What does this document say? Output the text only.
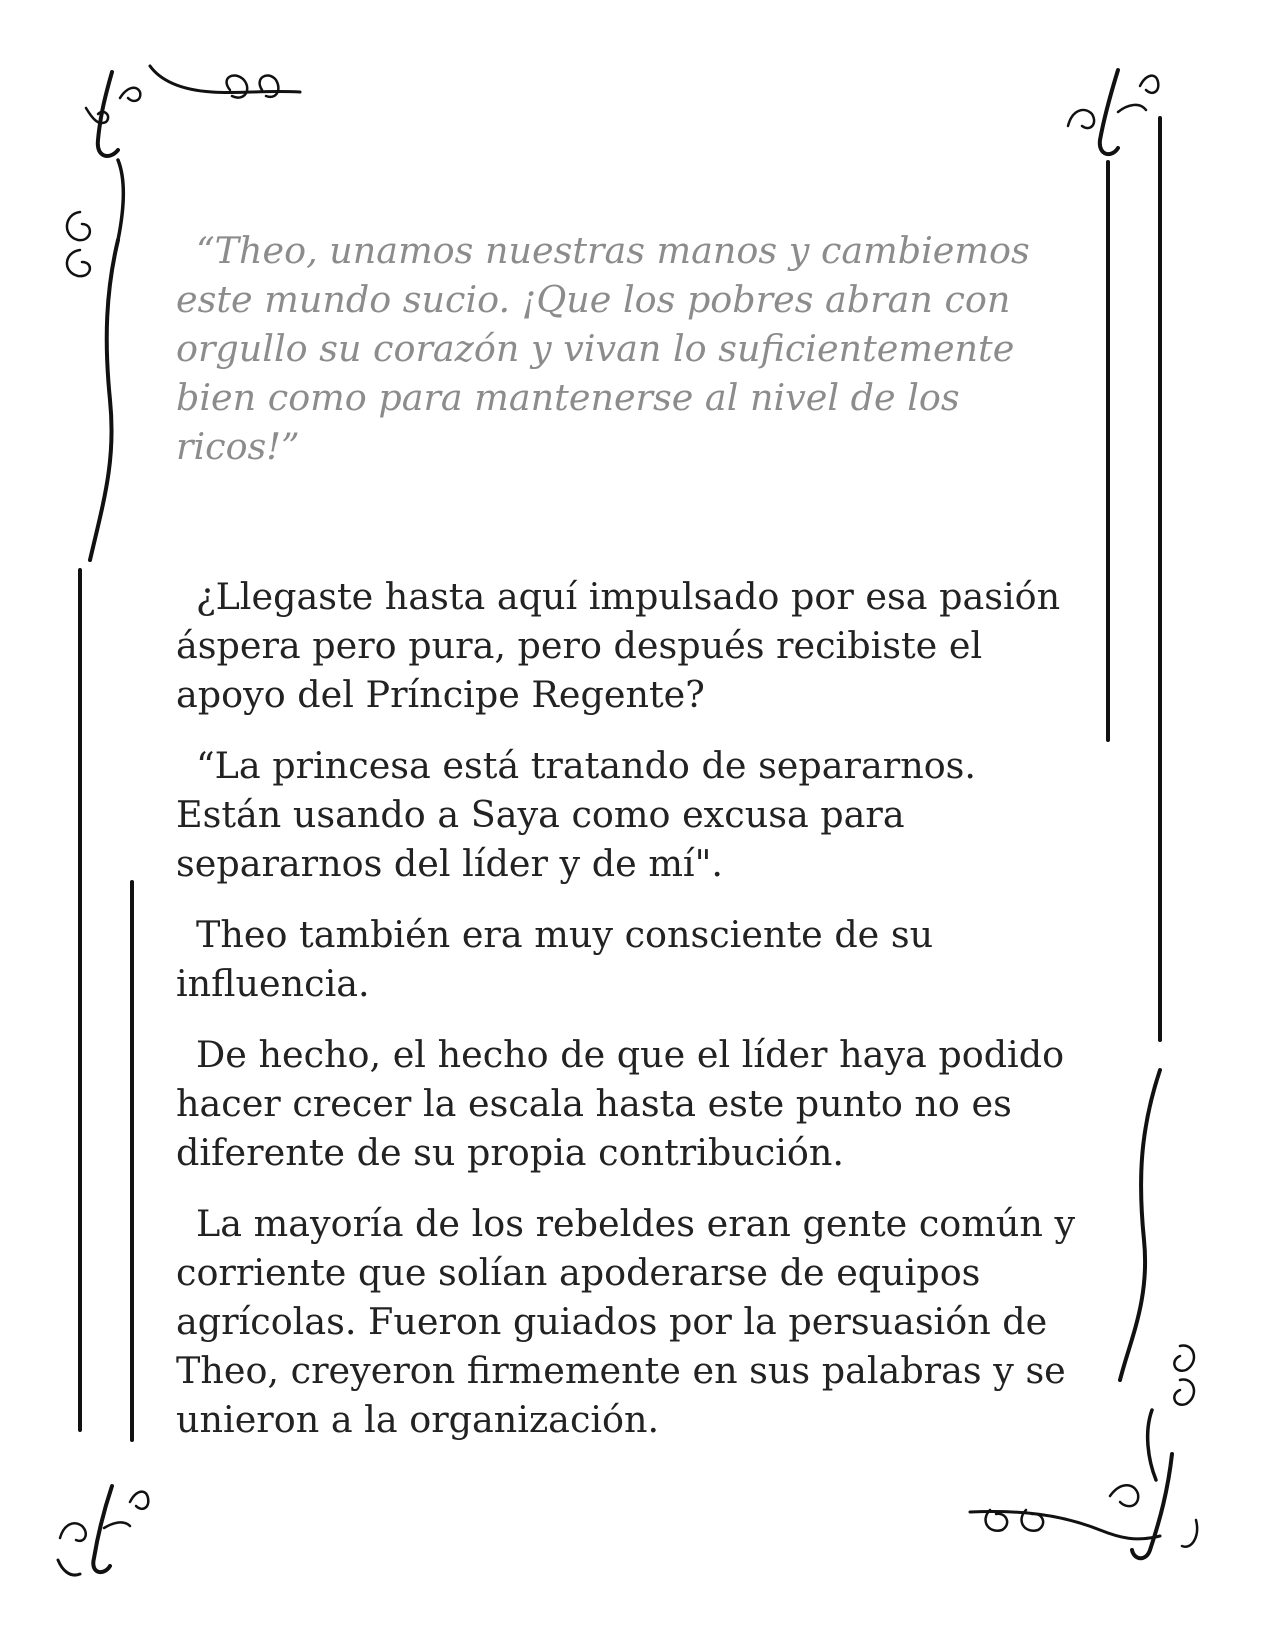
“Theo, unamos nuestras manos y cambiemos este mundo sucio. ¡Que los pobres abran con orgullo su corazón y vivan lo suficientemente bien como para mantenerse al nivel de los ricos!”

¿Llegaste hasta aquí impulsado por esa pasión áspera pero pura, pero después recibiste el apoyo del Príncipe Regente?

“La princesa está tratando de separarnos. Están usando a Saya como excusa para separarnos del líder y de mí".

Theo también era muy consciente de su influencia.

De hecho, el hecho de que el líder haya podido hacer crecer la escala hasta este punto no es diferente de su propia contribución.

La mayoría de los rebeldes eran gente común y corriente que solían apoderarse de equipos agrícolas. Fueron guiados por la persuasión de Theo, creyeron firmemente en sus palabras y se unieron a la organización.
